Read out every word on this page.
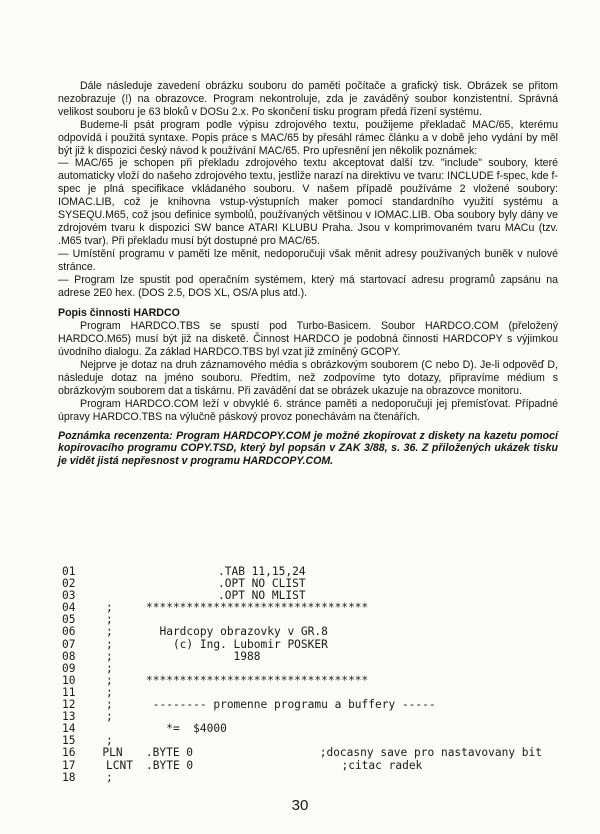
Dále následuje zavedení obrázku souboru do paměti počítače a grafický tisk. Obrázek se přitom nezobrazuje (!) na obrazovce. Program nekontroluje, zda je zaváděný soubor konzistentní. Správná velikost souboru je 63 bloků v DOSu 2.x. Po skončení tisku program předá řízení systému.

Budeme-li psát program podle výpisu zdrojového textu, použijeme překladač MAC/65, kterému odpovídá i použitá syntaxe. Popis práce s MAC/65 by přesáhl rámec článku a v době jeho vydání by měl být již k dispozici český návod k používání MAC/65. Pro upřesnění jen několik poznámek:

— MAC/65 je schopen při překladu zdrojového textu akceptovat další tzv. "include" soubory, které automaticky vloží do našeho zdrojového textu, jestliže narazí na direktivu ve tvaru: INCLUDE f-spec, kde f-spec je plná specifikace vkládaného souboru. V našem případě používáme 2 vložené soubory: IOMAC.LIB, což je knihovna vstup-výstupních maker pomocí standardního využití systému a SYSEQU.M65, což jsou definice symbolů, používaných většinou v IOMAC.LIB. Oba soubory byly dány ve zdrojovém tvaru k dispozici SW bance ATARI KLUBU Praha. Jsou v komprimovaném tvaru MACu (tzv. .M65 tvar). Při překladu musí být dostupné pro MAC/65.

— Umístění programu v paměti lze měnit, nedoporučuji však měnit adresy používaných buněk v nulové stránce.

— Program lze spustit pod operačním systémem, který má startovací adresu programů zapsánu na adrese 2E0 hex. (DOS 2.5, DOS XL, OS/A plus atd.).

Popis činnosti HARDCO

Program HARDCO.TBS se spustí pod Turbo-Basicem. Soubor HARDCO.COM (přeložený HARDCO.M65) musí být již na disketě. Činnost HARDCO je podobná činnosti HARDCOPY s výjimkou úvodního dialogu. Za základ HARDCO.TBS byl vzat již zmíněný GCOPY.

Nejprve je dotaz na druh záznamového média s obrázkovým souborem (C nebo D). Je-li odpověď D, následuje dotaz na jméno souboru. Předtím, než zodpovíme tyto dotazy, připravíme médium s obrázkovým souborem dat a tiskárnu. Při zavádění dat se obrázek ukazuje na obrazovce monitoru.

Program HARDCO.COM leží v obvyklé 6. stránce paměti a nedoporučuji jej přemísťovat. Případné úpravy HARDCO.TBS na výlučně páskový provoz ponechávám na čtenářích.

Poznámka recenzenta: Program HARDCOPY.COM je možné zkopírovat z diskety na kazetu pomocí kopírovacího programu COPY.TSD, který byl popsán v ZAK 3/88, s. 36. Z přiložených ukázek tisku je vidět jistá nepřesnost v programu HARDCOPY.COM.

01	.TAB 11,15,24
02	.OPT NO CLIST
03	.OPT NO MLIST
04	;	*********************************
05	;
06	;	Hardcopy obrazovky v GR.8
07	;	(c) Ing. Lubomir POSKER
08	;	1988
09	;
10	;	*********************************
11	;
12	;	-------- promenne programu a buffery -----
13	;
14	*=  $4000
15	;
16	PLN	.BYTE 0	;docasny save pro nastavovany bit
17	LCNT	.BYTE 0	;citac radek
18	;
30
